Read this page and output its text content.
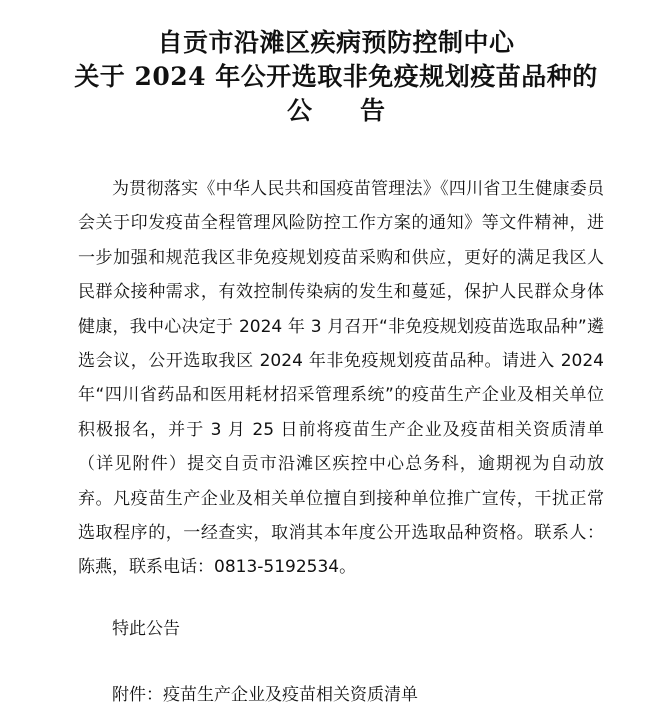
自贡市沿滩区疾病预防控制中心
关于 2024 年公开选取非免疫规划疫苗品种的
公告

为贯彻落实《中华人民共和国疫苗管理法》《四川省卫生健康委员会关于印发疫苗全程管理风险防控工作方案的通知》等文件精神，进一步加强和规范我区非免疫规划疫苗采购和供应，更好的满足我区人民群众接种需求，有效控制传染病的发生和蔓延，保护人民群众身体健康，我中心决定于 2024 年 3 月召开“非免疫规划疫苗选取品种”遴选会议，公开选取我区 2024 年非免疫规划疫苗品种。请进入 2024 年“四川省药品和医用耗材招采管理系统”的疫苗生产企业及相关单位积极报名，并于 3 月 25 日前将疫苗生产企业及疫苗相关资质清单（详见附件）提交自贡市沿滩区疾控中心总务科，逾期视为自动放弃。凡疫苗生产企业及相关单位擅自到接种单位推广宣传，干扰正常选取程序的，一经查实，取消其本年度公开选取品种资格。联系人：陈燕，联系电话：0813-5192534。

特此公告

附件：疫苗生产企业及疫苗相关资质清单
